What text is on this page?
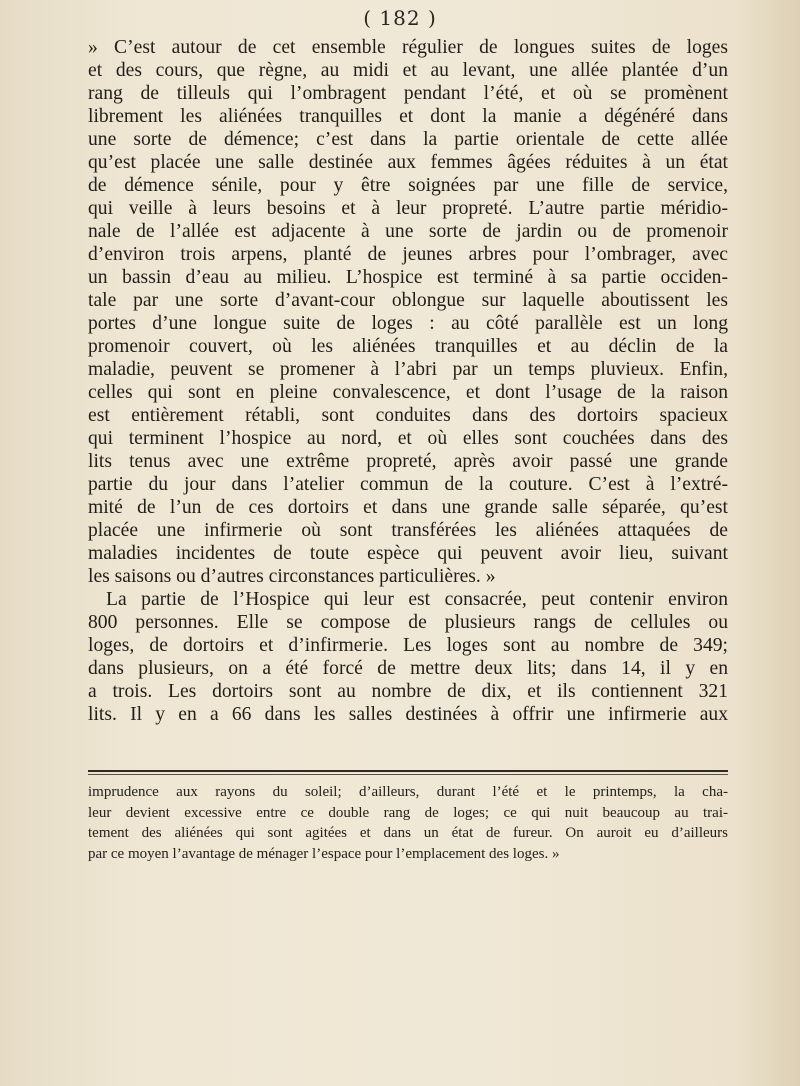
( 182 )
» C’est autour de cet ensemble régulier de longues suites de loges
et des cours, que règne, au midi et au levant, une allée plantée d’un
rang de tilleuls qui l’ombragent pendant l’été, et où se promènent
librement les aliénées tranquilles et dont la manie a dégénéré dans
une sorte de démence; c’est dans la partie orientale de cette allée
qu’est placée une salle destinée aux femmes âgées réduites à un état
de démence sénile, pour y être soignées par une fille de service,
qui veille à leurs besoins et à leur propreté. L’autre partie méridio-
nale de l’allée est adjacente à une sorte de jardin ou de promenoir
d’environ trois arpens, planté de jeunes arbres pour l’ombrager, avec
un bassin d’eau au milieu. L’hospice est terminé à sa partie occiden-
tale par une sorte d’avant-cour oblongue sur laquelle aboutissent les
portes d’une longue suite de loges : au côté parallèle est un long
promenoir couvert, où les aliénées tranquilles et au déclin de la
maladie, peuvent se promener à l’abri par un temps pluvieux. Enfin,
celles qui sont en pleine convalescence, et dont l’usage de la raison
est entièrement rétabli, sont conduites dans des dortoirs spacieux
qui terminent l’hospice au nord, et où elles sont couchées dans des
lits tenus avec une extrême propreté, après avoir passé une grande
partie du jour dans l’atelier commun de la couture. C’est à l’extré-
mité de l’un de ces dortoirs et dans une grande salle séparée, qu’est
placée une infirmerie où sont transférées les aliénées attaquées de
maladies incidentes de toute espèce qui peuvent avoir lieu, suivant
les saisons ou d’autres circonstances particulières. »
La partie de l’Hospice qui leur est consacrée, peut contenir environ
800 personnes. Elle se compose de plusieurs rangs de cellules ou
loges, de dortoirs et d’infirmerie. Les loges sont au nombre de 349;
dans plusieurs, on a été forcé de mettre deux lits; dans 14, il y en
a trois. Les dortoirs sont au nombre de dix, et ils contiennent 321
lits. Il y en a 66 dans les salles destinées à offrir une infirmerie aux
imprudence aux rayons du soleil; d’ailleurs, durant l’été et le printemps, la cha-
leur devient excessive entre ce double rang de loges; ce qui nuit beaucoup au trai-
tement des aliénées qui sont agitées et dans un état de fureur. On auroit eu d’ailleurs
par ce moyen l’avantage de ménager l’espace pour l’emplacement des loges. »
